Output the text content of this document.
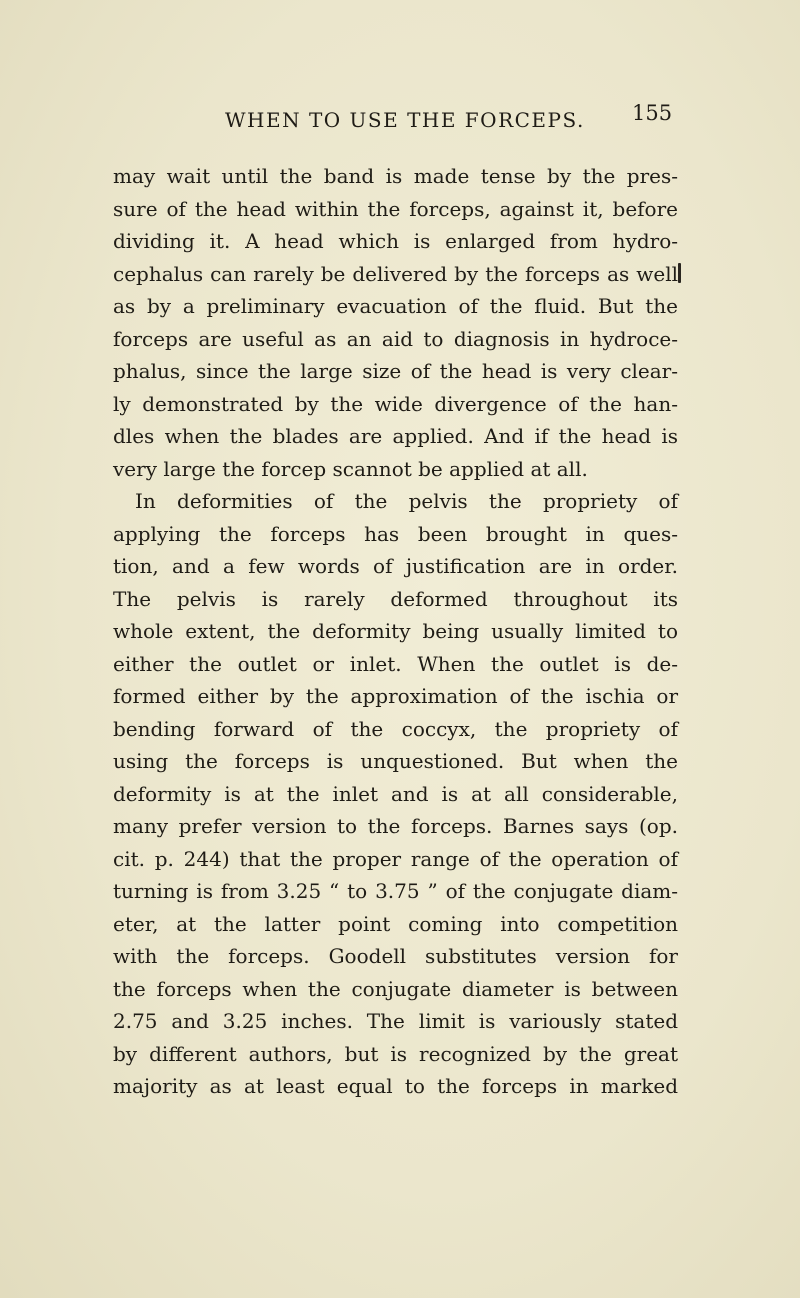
WHEN TO USE THE FORCEPS. 155
may wait until the band is made tense by the pres-
sure of the head within the forceps, against it, before
dividing it. A head which is enlarged from hydro-
cephalus can rarely be delivered by the forceps as well
as by a preliminary evacuation of the fluid. But the
forceps are useful as an aid to diagnosis in hydroce-
phalus, since the large size of the head is very clear-
ly demonstrated by the wide divergence of the han-
dles when the blades are applied. And if the head is
very large the forcep scannot be applied at all.
In deformities of the pelvis the propriety of
applying the forceps has been brought in ques-
tion, and a few words of justification are in order.
The pelvis is rarely deformed throughout its
whole extent, the deformity being usually limited to
either the outlet or inlet. When the outlet is de-
formed either by the approximation of the ischia or
bending forward of the coccyx, the propriety of
using the forceps is unquestioned. But when the
deformity is at the inlet and is at all considerable,
many prefer version to the forceps. Barnes says (op.
cit. p. 244) that the proper range of the operation of
turning is from 3.25 “ to 3.75 ” of the conjugate diam-
eter, at the latter point coming into competition
with the forceps. Goodell substitutes version for
the forceps when the conjugate diameter is between
2.75 and 3.25 inches. The limit is variously stated
by different authors, but is recognized by the great
majority as at least equal to the forceps in marked
